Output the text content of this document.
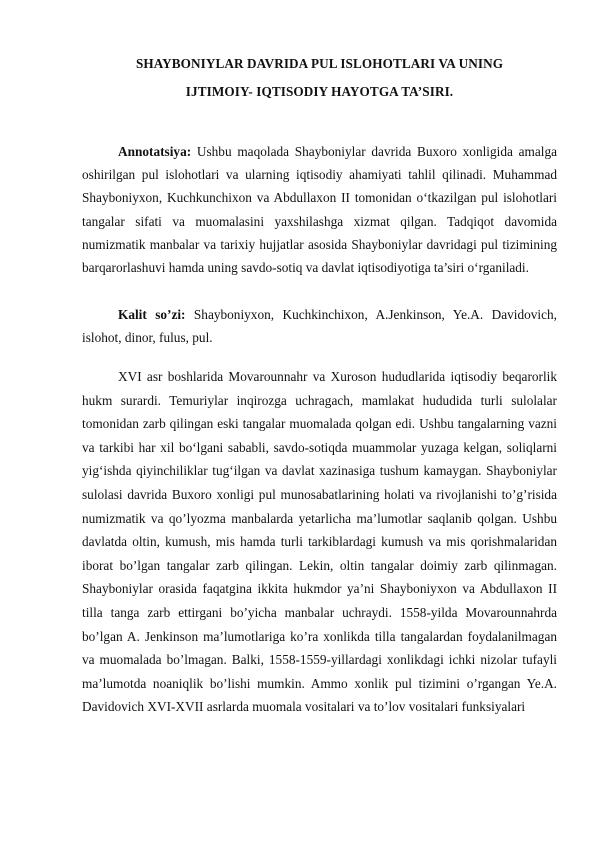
SHAYBONIYLAR DAVRIDA PUL ISLOHOTLARI VA UNING
IJTIMOIY- IQTISODIY HAYOTGA TA’SIRI.

Annotatsiya: Ushbu maqolada Shayboniylar davrida Buxoro xonligida amalga oshirilgan pul islohotlari va ularning iqtisodiy ahamiyati tahlil qilinadi. Muhammad Shayboniyxon, Kuchkunchixon va Abdullaxon II tomonidan o‘tkazilgan pul islohotlari tangalar sifati va muomalasini yaxshilashga xizmat qilgan. Tadqiqot davomida numizmatik manbalar va tarixiy hujjatlar asosida Shayboniylar davridagi pul tizimining barqarorlashuvi hamda uning savdo-sotiq va davlat iqtisodiyotiga ta’siri o‘rganiladi.

Kalit so’zi: Shayboniyxon, Kuchkinchixon, A.Jenkinson, Ye.A. Davidovich, islohot, dinor, fulus, pul.

XVI asr boshlarida Movarounnahr va Xuroson hududlarida iqtisodiy beqarorlik hukm surardi. Temuriylar inqirozga uchragach, mamlakat hududida turli sulolalar tomonidan zarb qilingan eski tangalar muomalada qolgan edi. Ushbu tangalarning vazni va tarkibi har xil bo‘lgani sababli, savdo-sotiqda muammolar yuzaga kelgan, soliqlarni yig‘ishda qiyinchiliklar tug‘ilgan va davlat xazinasiga tushum kamaygan. Shayboniylar sulolasi davrida Buxoro xonligi pul munosabatlarining holati va rivojlanishi to’g’risida numizmatik va qo’lyozma manbalarda yetarlicha ma’lumotlar saqlanib qolgan. Ushbu davlatda oltin, kumush, mis hamda turli tarkiblardagi kumush va mis qorishmalaridan iborat bo’lgan tangalar zarb qilingan. Lekin, oltin tangalar doimiy zarb qilinmagan. Shayboniylar orasida faqatgina ikkita hukmdor ya’ni Shayboniyxon va Abdullaxon II tilla tanga zarb ettirgani bo’yicha manbalar uchraydi. 1558-yilda Movarounnahrda bo’lgan A. Jenkinson ma’lumotlariga ko’ra xonlikda tilla tangalardan foydalanilmagan va muomalada bo’lmagan. Balki, 1558-1559-yillardagi xonlikdagi ichki nizolar tufayli ma’lumotda noaniqlik bo’lishi mumkin. Ammo xonlik pul tizimini o’rgangan Ye.A. Davidovich XVI-XVII asrlarda muomala vositalari va to’lov vositalari funksiyalari
